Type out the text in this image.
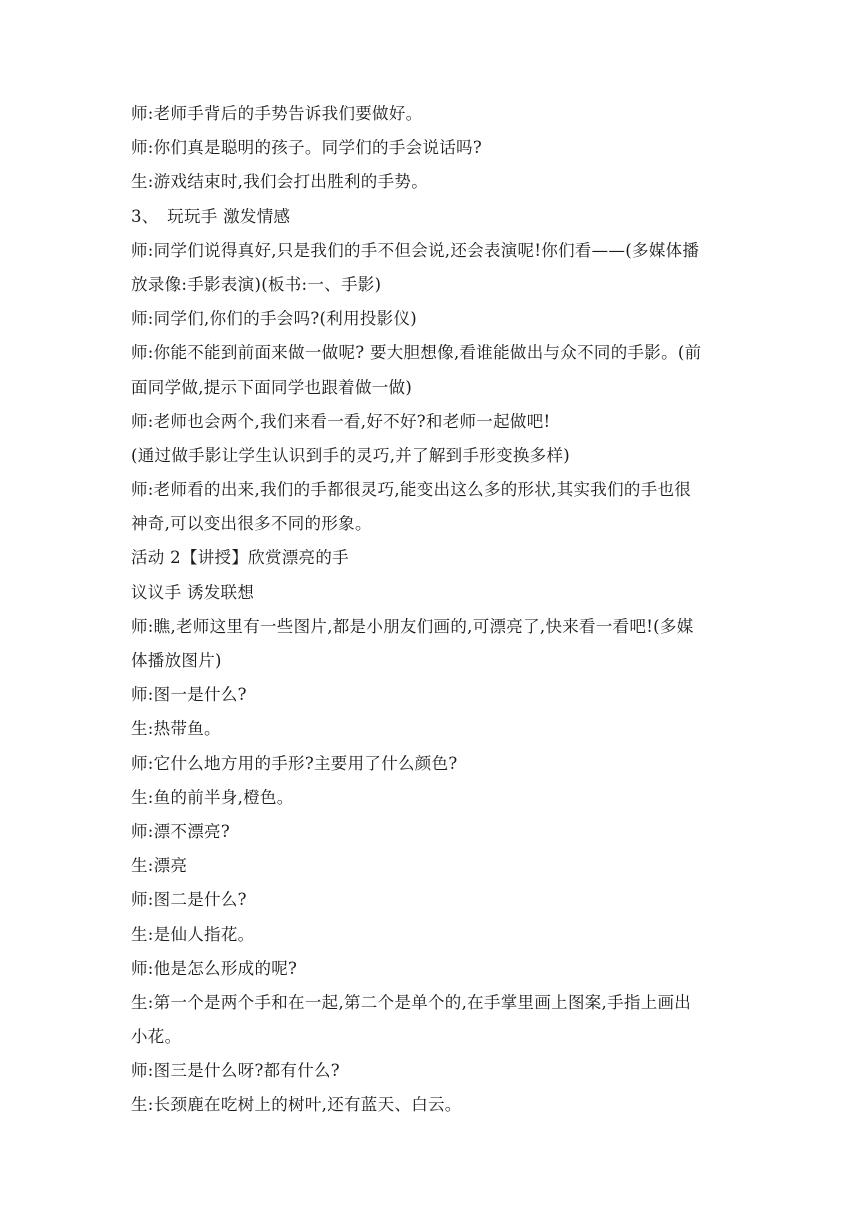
师:老师手背后的手势告诉我们要做好。
师:你们真是聪明的孩子。同学们的手会说话吗?
生:游戏结束时,我们会打出胜利的手势。
3、　玩玩手 激发情感
师:同学们说得真好,只是我们的手不但会说,还会表演呢!你们看——(多媒体播
放录像:手影表演)(板书:一、手影)
师:同学们,你们的手会吗?(利用投影仪)
师:你能不能到前面来做一做呢? 要大胆想像,看谁能做出与众不同的手影。(前
面同学做,提示下面同学也跟着做一做)
师:老师也会两个,我们来看一看,好不好?和老师一起做吧!
(通过做手影让学生认识到手的灵巧,并了解到手形变换多样)
师:老师看的出来,我们的手都很灵巧,能变出这么多的形状,其实我们的手也很
神奇,可以变出很多不同的形象。
活动 2【讲授】欣赏漂亮的手
议议手 诱发联想
师:瞧,老师这里有一些图片,都是小朋友们画的,可漂亮了,快来看一看吧!(多媒
体播放图片)
师:图一是什么?
生:热带鱼。
师:它什么地方用的手形?主要用了什么颜色?
生:鱼的前半身,橙色。
师:漂不漂亮?
生:漂亮
师:图二是什么?
生:是仙人指花。
师:他是怎么形成的呢?
生:第一个是两个手和在一起,第二个是单个的,在手掌里画上图案,手指上画出
小花。
师:图三是什么呀?都有什么?
生:长颈鹿在吃树上的树叶,还有蓝天、白云。
